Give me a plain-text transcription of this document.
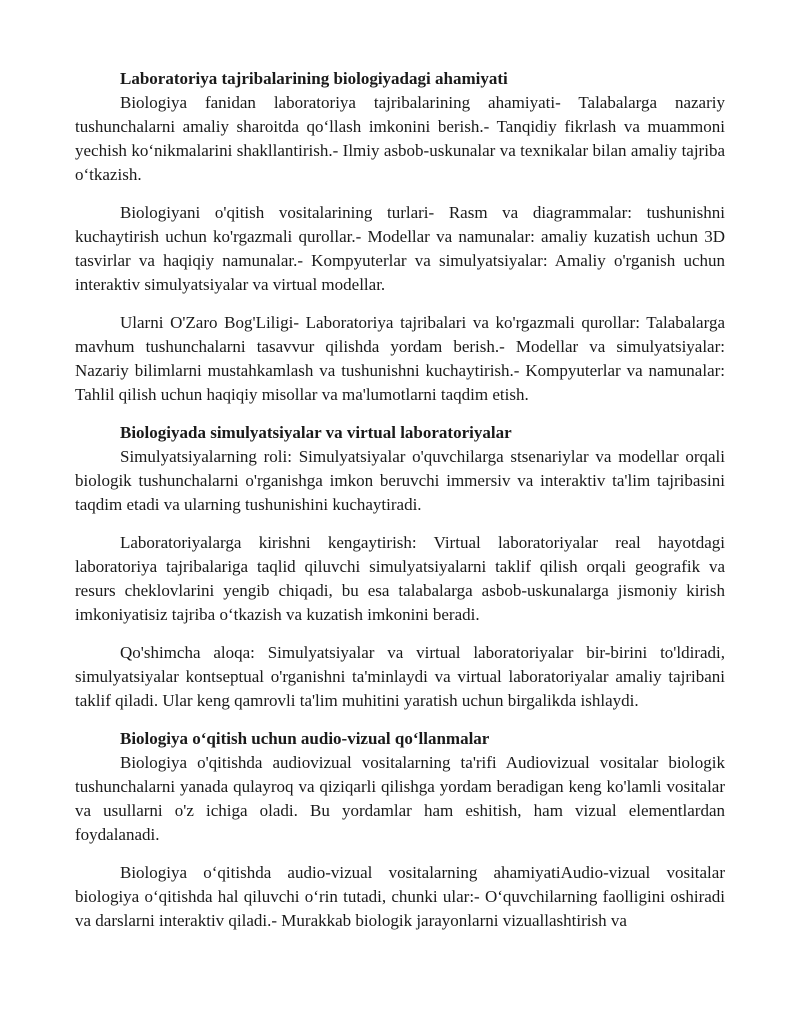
Laboratoriya tajribalarining biologiyadagi ahamiyati

Biologiya fanidan laboratoriya tajribalarining ahamiyati- Talabalarga nazariy tushunchalarni amaliy sharoitda qo‘llash imkonini berish.- Tanqidiy fikrlash va muammoni yechish ko‘nikmalarini shakllantirish.- Ilmiy asbob-uskunalar va texnikalar bilan amaliy tajriba o‘tkazish.

Biologiyani o'qitish vositalarining turlari- Rasm va diagrammalar: tushunishni kuchaytirish uchun ko'rgazmali qurollar.- Modellar va namunalar: amaliy kuzatish uchun 3D tasvirlar va haqiqiy namunalar.- Kompyuterlar va simulyatsiyalar: Amaliy o'rganish uchun interaktiv simulyatsiyalar va virtual modellar.

Ularni O'Zaro Bog'Liligi- Laboratoriya tajribalari va ko'rgazmali qurollar: Talabalarga mavhum tushunchalarni tasavvur qilishda yordam berish.- Modellar va simulyatsiyalar: Nazariy bilimlarni mustahkamlash va tushunishni kuchaytirish.- Kompyuterlar va namunalar: Tahlil qilish uchun haqiqiy misollar va ma'lumotlarni taqdim etish.

Biologiyada simulyatsiyalar va virtual laboratoriyalar

Simulyatsiyalarning roli: Simulyatsiyalar o'quvchilarga stsenariylar va modellar orqali biologik tushunchalarni o'rganishga imkon beruvchi immersiv va interaktiv ta'lim tajribasini taqdim etadi va ularning tushunishini kuchaytiradi.

Laboratoriyalarga kirishni kengaytirish: Virtual laboratoriyalar real hayotdagi laboratoriya tajribalariga taqlid qiluvchi simulyatsiyalarni taklif qilish orqali geografik va resurs cheklovlarini yengib chiqadi, bu esa talabalarga asbob-uskunalarga jismoniy kirish imkoniyatisiz tajriba o‘tkazish va kuzatish imkonini beradi.

Qo'shimcha aloqa: Simulyatsiyalar va virtual laboratoriyalar bir-birini to'ldiradi, simulyatsiyalar kontseptual o'rganishni ta'minlaydi va virtual laboratoriyalar amaliy tajribani taklif qiladi. Ular keng qamrovli ta'lim muhitini yaratish uchun birgalikda ishlaydi.

Biologiya o‘qitish uchun audio-vizual qo‘llanmalar

Biologiya o'qitishda audiovizual vositalarning ta'rifi Audiovizual vositalar biologik tushunchalarni yanada qulayroq va qiziqarli qilishga yordam beradigan keng ko'lamli vositalar va usullarni o'z ichiga oladi. Bu yordamlar ham eshitish, ham vizual elementlardan foydalanadi.

Biologiya o‘qitishda audio-vizual vositalarning ahamiyatiAudio-vizual vositalar biologiya o‘qitishda hal qiluvchi o‘rin tutadi, chunki ular:- O‘quvchilarning faolligini oshiradi va darslarni interaktiv qiladi.- Murakkab biologik jarayonlarni vizuallashtirish va
